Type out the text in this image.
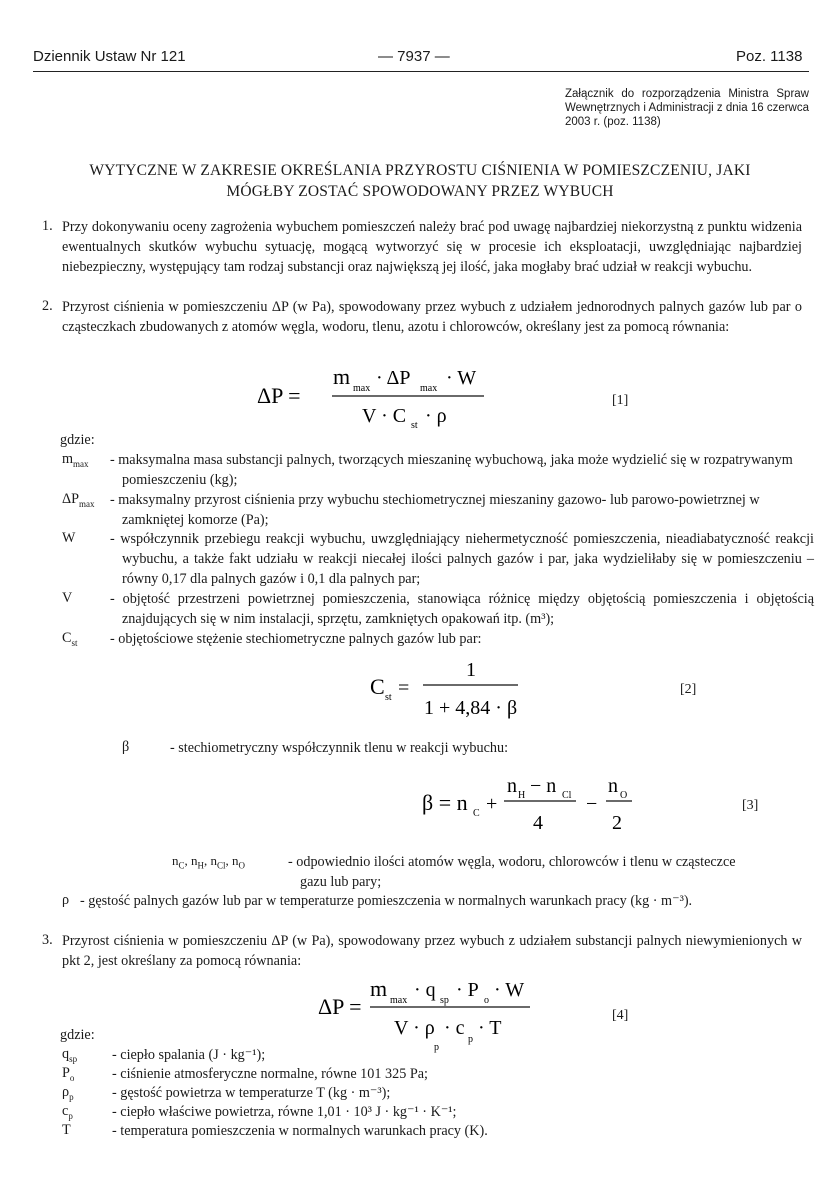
Dziennik Ustaw Nr 121	— 7937 —	Poz. 1138
Załącznik do rozporządzenia Ministra Spraw Wewnętrznych i Administracji z dnia 16 czerwca 2003 r. (poz. 1138)
WYTYCZNE W ZAKRESIE OKREŚLANIA PRZYROSTU CIŚNIENIA W POMIESZCZENIU, JAKI
MÓGŁBY ZOSTAĆ SPOWODOWANY PRZEZ WYBUCH
1. Przy dokonywaniu oceny zagrożenia wybuchem pomieszczeń należy brać pod uwagę najbardziej niekorzystną z punktu widzenia ewentualnych skutków wybuchu sytuację, mogącą wytworzyć się w procesie ich eksploatacji, uwzględniając najbardziej niebezpieczny, występujący tam rodzaj substancji oraz największą jej ilość, jaka mogłaby brać udział w reakcji wybuchu.
2. Przyrost ciśnienia w pomieszczeniu ΔP (w Pa), spowodowany przez wybuch z udziałem jednorodnych palnych gazów lub par o cząsteczkach zbudowanych z atomów węgla, wodoru, tlenu, azotu i chlorowców, określany jest za pomocą równania:
ΔP =
m max · ΔP max · W
V · C st · ρ
[1]
gdzie:
$m_{max}$ - maksymalna masa substancji palnych, tworzących mieszaninę wybuchową, jaka może wydzielić się w rozpatrywanym pomieszczeniu (kg);
$\Delta P_{max}$ - maksymalny przyrost ciśnienia przy wybuchu stechiometrycznej mieszaniny gazowo- lub parowo-powietrznej w zamkniętej komorze (Pa);
W - współczynnik przebiegu reakcji wybuchu, uwzględniający niehermetyczność pomieszczenia, nieadiabatyczność reakcji wybuchu, a także fakt udziału w reakcji niecałej ilości palnych gazów i par, jaka wydzieliłaby się w pomieszczeniu – równy 0,17 dla palnych gazów i 0,1 dla palnych par;
V	- objętość przestrzeni powietrznej pomieszczenia, stanowiąca różnicę między objętością pomieszczenia i objętością znajdujących się w nim instalacji, sprzętu, zamkniętych opakowań itp. (m³);
$C_{st}$ - objętościowe stężenie stechiometryczne palnych gazów lub par:
C st =
1
1 + 4,84 · β
[2]
β	- stechiometryczny współczynnik tlenu w reakcji wybuchu:
β = n C +
n H − n Cl
4
−
n O
2
[3]
$n_C$, $n_H$, $n_{Cl}$, $n_O$	- odpowiednio ilości atomów węgla, wodoru, chlorowców i tlenu w cząsteczce gazu lub pary;
ρ - gęstość palnych gazów lub par w temperaturze pomieszczenia w normalnych warunkach pracy (kg · m⁻³).
3. Przyrost ciśnienia w pomieszczeniu ΔP (w Pa), spowodowany przez wybuch z udziałem substancji palnych niewymienionych w pkt 2, jest określany za pomocą równania:
ΔP =
m max · q sp · P o · W
V · ρ
p
· c
p
· T
[4]
gdzie:
$q_{sp}$ - ciepło spalania (J · kg⁻¹);
$P_o$	- ciśnienie atmosferyczne normalne, równe 101 325 Pa;
$\rho_p$	- gęstość powietrza w temperaturze T (kg · m⁻³);
$c_p$	- ciepło właściwe powietrza, równe 1,01 · 10³ J · kg⁻¹ · K⁻¹;
T	- temperatura pomieszczenia w normalnych warunkach pracy (K).
